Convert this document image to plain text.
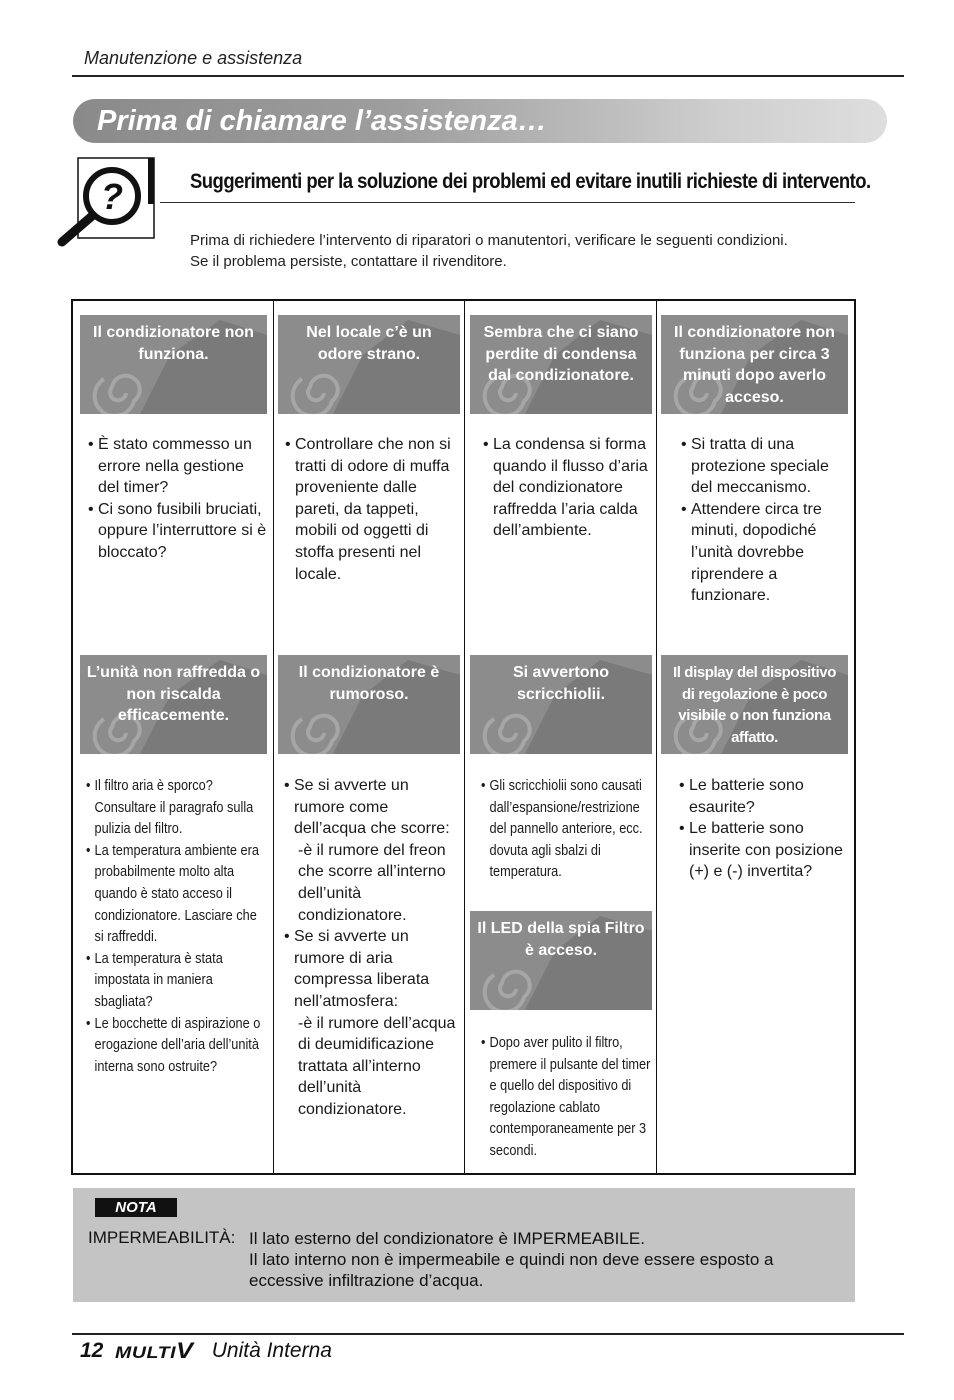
Manutenzione e assistenza
Prima di chiamare l’assistenza…
?	Suggerimenti per la soluzione dei problemi ed evitare inutili richieste di intervento.
Prima di richiedere l’intervento di riparatori o manutentori, verificare le seguenti condizioni.
Se il problema persiste, contattare il rivenditore.
Il condizionatore non funziona.
Nel locale c’è un odore strano.
Sembra che ci siano perdite di condensa dal condizionatore.
Il condizionatore non funziona per circa 3 minuti dopo averlo acceso.
• È stato commesso un errore nella gestione del timer?
• Ci sono fusibili bruciati, oppure l’interruttore si è bloccato?
• Controllare che non si tratti di odore di muffa proveniente dalle pareti, da tappeti, mobili od oggetti di stoffa presenti nel locale.
• La condensa si forma quando il flusso d’aria del condizionatore raffredda l’aria calda dell’ambiente.
• Si tratta di una protezione speciale del meccanismo.
• Attendere circa tre minuti, dopodiché l’unità dovrebbe riprendere a funzionare.
L’unità non raffredda o non riscalda efficacemente.
Il condizionatore è rumoroso.
Si avvertono scricchiolii.
Il display del dispositivo di regolazione è poco visibile o non funziona affatto.
• Il filtro aria è sporco?Consultare il paragrafo sulla pulizia del filtro.
• La temperatura ambiente era probabilmente molto alta quando è stato acceso il condizionatore. Lasciare che si raffreddi.
• La temperatura è stata impostata in maniera sbagliata?
• Le bocchette di aspirazione o erogazione dell’aria dell’unità interna sono ostruite?
• Se si avverte un rumore come dell’acqua che scorre:
-è il rumore del freon che scorre all’interno dell’unità condizionatore.
• Se si avverte un rumore di aria compressa liberata nell’atmosfera:
-è il rumore dell’acqua di deumidificazione trattata all’interno dell’unità condizionatore.
• Gli scricchiolii sono causati dall’espansione/restrizione del pannello anteriore, ecc. dovuta agli sbalzi di temperatura.
• Le batterie sono esaurite?
• Le batterie sono inserite con posizione (+) e (-) invertita?
Il LED della spia Filtro è acceso.
• Dopo aver pulito il filtro, premere il pulsante del timer e quello del dispositivo di regolazione cablato contemporaneamente per 3 secondi.
NOTA
IMPERMEABILITÀ: Il lato esterno del condizionatore è IMPERMEABILE.
Il lato interno non è impermeabile e quindi non deve essere esposto a
eccessive infiltrazione d’acqua.
12 MULTIV Unità Interna
